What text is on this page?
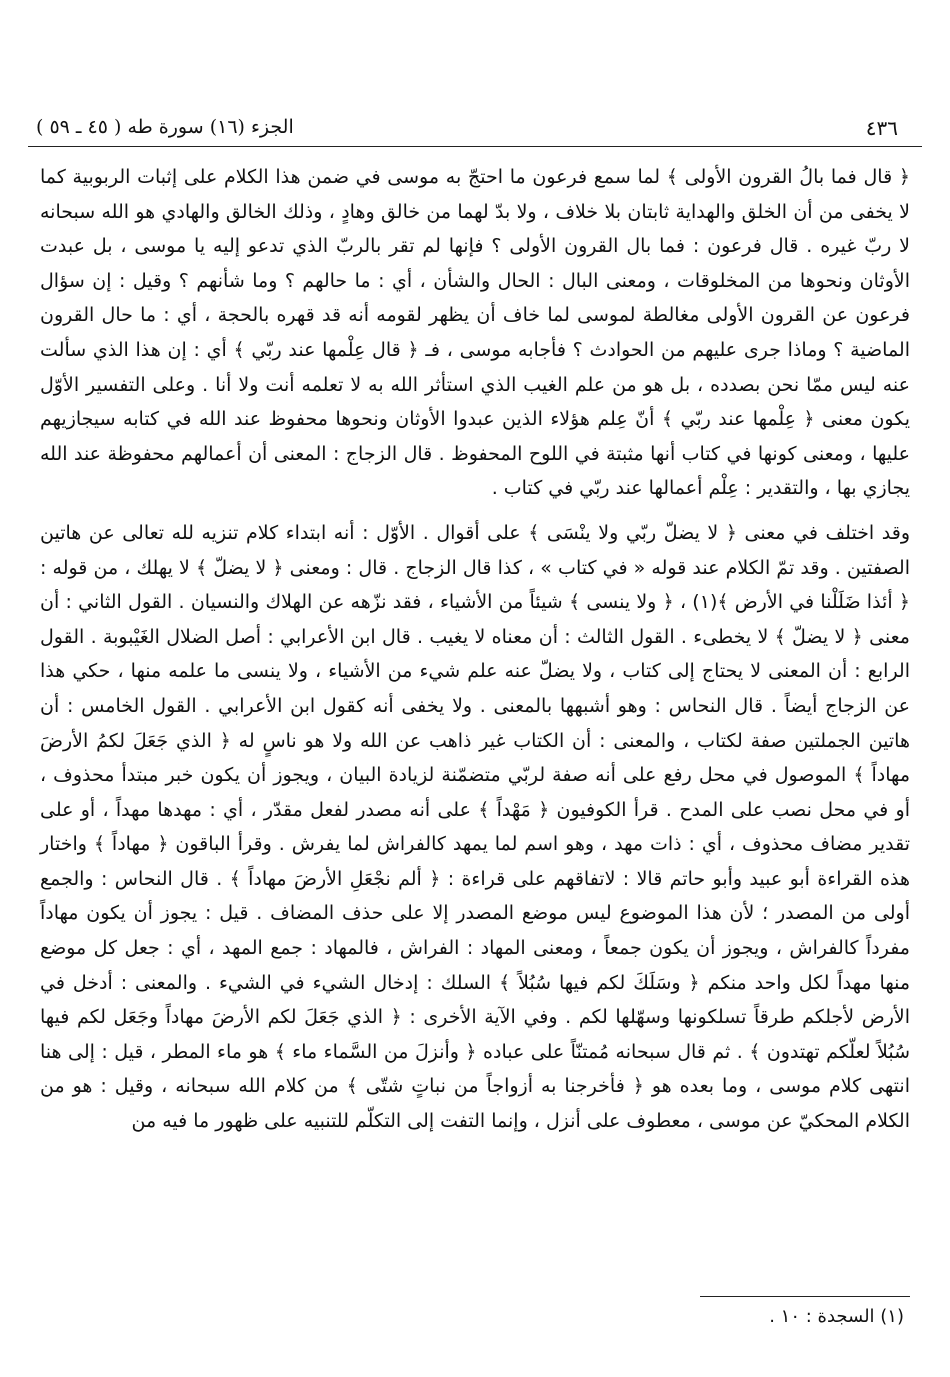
٤٣٦
الجزء (١٦) سورة طه ( ٤٥ ـ ٥٩ )

﴿ قال فما بالُ القرون الأولى ﴾ لما سمع فرعون ما احتجّ به موسى في ضمن هذا الكلام على إثبات الربوبية كما لا يخفى من أن الخلق والهداية ثابتان بلا خلاف ، ولا بدّ لهما من خالق وهادٍ ، وذلك الخالق والهادي هو الله سبحانه لا ربّ غيره . قال فرعون : فما بال القرون الأولى ؟ فإنها لم تقر بالربّ الذي تدعو إليه يا موسى ، بل عبدت الأوثان ونحوها من المخلوقات ، ومعنى البال : الحال والشأن ، أي : ما حالهم ؟ وما شأنهم ؟ وقيل : إن سؤال فرعون عن القرون الأولى مغالطة لموسى لما خاف أن يظهر لقومه أنه قد قهره بالحجة ، أي : ما حال القرون الماضية ؟ وماذا جرى عليهم من الحوادث ؟ فأجابه موسى ، فـ ﴿ قال عِلْمها عند ربّي ﴾ أي : إن هذا الذي سألت عنه ليس ممّا نحن بصدده ، بل هو من علم الغيب الذي استأثر الله به لا تعلمه أنت ولا أنا . وعلى التفسير الأوّل يكون معنى ﴿ عِلْمها عند ربّي ﴾ أنّ عِلم هؤلاء الذين عبدوا الأوثان ونحوها محفوظ عند الله في كتابه سيجازيهم عليها ، ومعنى كونها في كتاب أنها مثبتة في اللوح المحفوظ . قال الزجاج : المعنى أن أعمالهم محفوظة عند الله يجازي بها ، والتقدير : عِلْم أعمالها عند ربّي في كتاب .

وقد اختلف في معنى ﴿ لا يضلّ ربّي ولا ينْسَى ﴾ على أقوال . الأوّل : أنه ابتداء كلام تنزيه لله تعالى عن هاتين الصفتين . وقد تمّ الكلام عند قوله « في كتاب » ، كذا قال الزجاج . قال : ومعنى ﴿ لا يضلّ ﴾ لا يهلك ، من قوله : ﴿ أئذا ضَلَلْنا في الأرض ﴾(١) ، ﴿ ولا ينسى ﴾ شيئاً من الأشياء ، فقد نزّهه عن الهلاك والنسيان . القول الثاني : أن معنى ﴿ لا يضلّ ﴾ لا يخطىء . القول الثالث : أن معناه لا يغيب . قال ابن الأعرابي : أصل الضلال الغَيْبوبة . القول الرابع : أن المعنى لا يحتاج إلى كتاب ، ولا يضلّ عنه علم شيء من الأشياء ، ولا ينسى ما علمه منها ، حكي هذا عن الزجاج أيضاً . قال النحاس : وهو أشبهها بالمعنى . ولا يخفى أنه كقول ابن الأعرابي . القول الخامس : أن هاتين الجملتين صفة لكتاب ، والمعنى : أن الكتاب غير ذاهب عن الله ولا هو ناسٍ له ﴿ الذي جَعَلَ لكمُ الأرضَ مهاداً ﴾ الموصول في محل رفع على أنه صفة لربّي متضمّنة لزيادة البيان ، ويجوز أن يكون خبر مبتدأ محذوف ، أو في محل نصب على المدح . قرأ الكوفيون ﴿ مَهْداً ﴾ على أنه مصدر لفعل مقدّر ، أي : مهدها مهداً ، أو على تقدير مضاف محذوف ، أي : ذات مهد ، وهو اسم لما يمهد كالفراش لما يفرش . وقرأ الباقون ﴿ مهاداً ﴾ واختار هذه القراءة أبو عبيد وأبو حاتم قالا : لاتفاقهم على قراءة : ﴿ ألم نجْعَلِ الأرضَ مهاداً ﴾ . قال النحاس : والجمع أولى من المصدر ؛ لأن هذا الموضوع ليس موضع المصدر إلا على حذف المضاف . قيل : يجوز أن يكون مهاداً مفرداً كالفراش ، ويجوز أن يكون جمعاً ، ومعنى المهاد : الفراش ، فالمهاد : جمع المهد ، أي : جعل كل موضع منها مهداً لكل واحد منكم ﴿ وسَلَكَ لكم فيها سُبُلاً ﴾ السلك : إدخال الشيء في الشيء . والمعنى : أدخل في الأرض لأجلكم طرقاً تسلكونها وسهّلها لكم . وفي الآية الأخرى : ﴿ الذي جَعَلَ لكم الأرضَ مهاداً وجَعَل لكم فيها سُبُلاً لعلّكم تهتدون ﴾ . ثم قال سبحانه مُمتنّاً على عباده ﴿ وأنزلَ من السَّماء ماء ﴾ هو ماء المطر ، قيل : إلى هنا انتهى كلام موسى ، وما بعده هو ﴿ فأخرجنا به أزواجاً من نباتٍ شتّى ﴾ من كلام الله سبحانه ، وقيل : هو من الكلام المحكيّ عن موسى ، معطوف على أنزل ، وإنما التفت إلى التكلّم للتنبيه على ظهور ما فيه من

(١) السجدة : ١٠ .
